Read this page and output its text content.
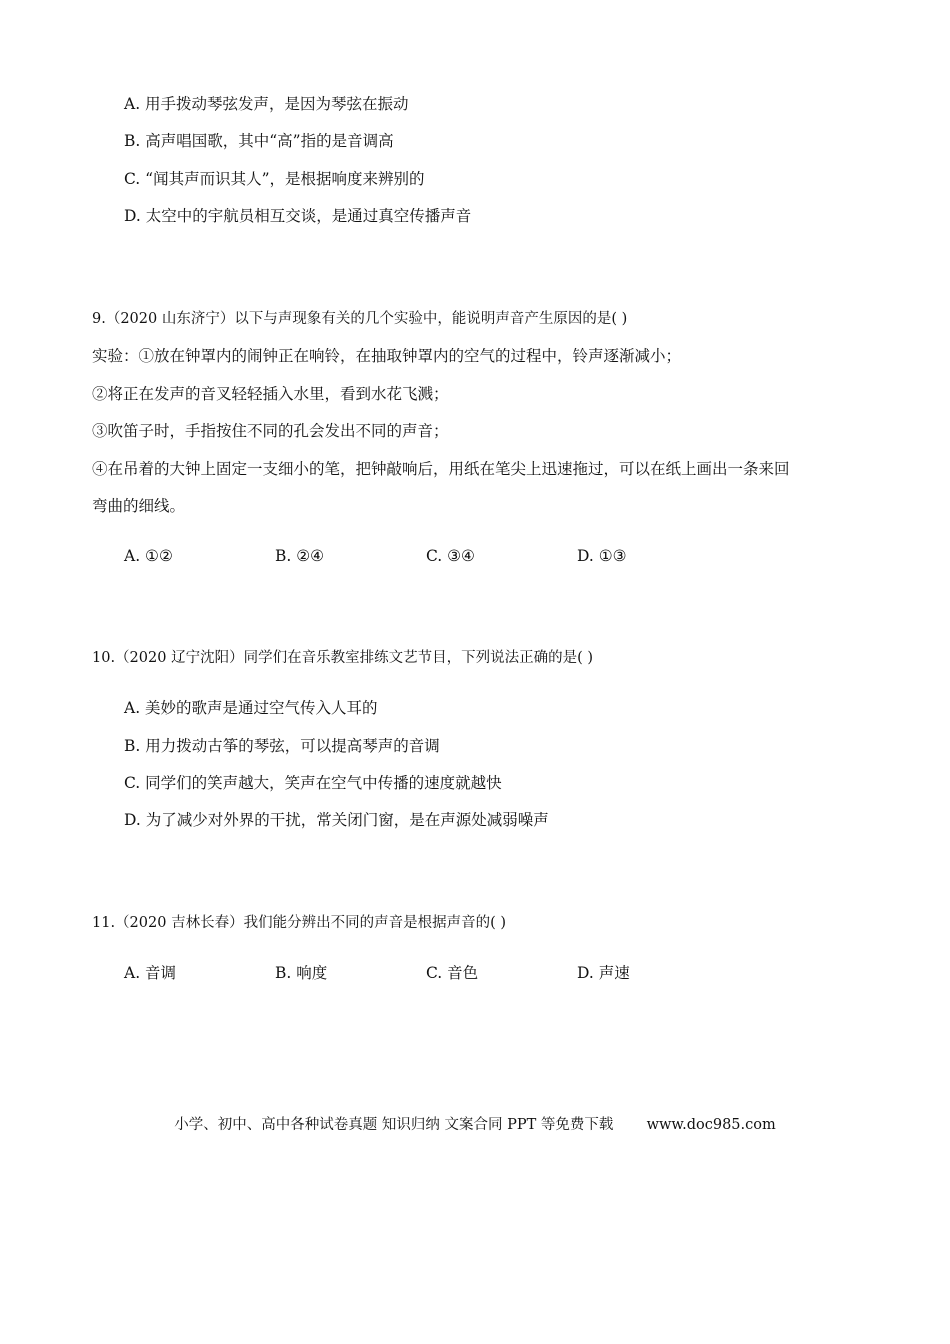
A. 用手拨动琴弦发声，是因为琴弦在振动
B. 高声唱国歌，其中“高”指的是音调高
C. “闻其声而识其人”，是根据响度来辨别的
D. 太空中的宇航员相互交谈，是通过真空传播声音
9.（2020 山东济宁）以下与声现象有关的几个实验中，能说明声音产生原因的是( )
实验：①放在钟罩内的闹钟正在响铃，在抽取钟罩内的空气的过程中，铃声逐渐减小；
②将正在发声的音叉轻轻插入水里，看到水花飞溅；
③吹笛子时，手指按住不同的孔会发出不同的声音；
④在吊着的大钟上固定一支细小的笔，把钟敲响后，用纸在笔尖上迅速拖过，可以在纸上画出一条来回
弯曲的细线。
A. ①②	B. ②④	C. ③④	D. ①③
10.（2020 辽宁沈阳）同学们在音乐教室排练文艺节目，下列说法正确的是( )
A. 美妙的歌声是通过空气传入人耳的
B. 用力拨动古筝的琴弦，可以提高琴声的音调
C. 同学们的笑声越大，笑声在空气中传播的速度就越快
D. 为了减少对外界的干扰，常关闭门窗，是在声源处减弱噪声
11.（2020 吉林长春）我们能分辨出不同的声音是根据声音的( )
A. 音调	B. 响度	C. 音色	D. 声速
小学、初中、高中各种试卷真题 知识归纳 文案合同 PPT 等免费下载 www.doc985.com
